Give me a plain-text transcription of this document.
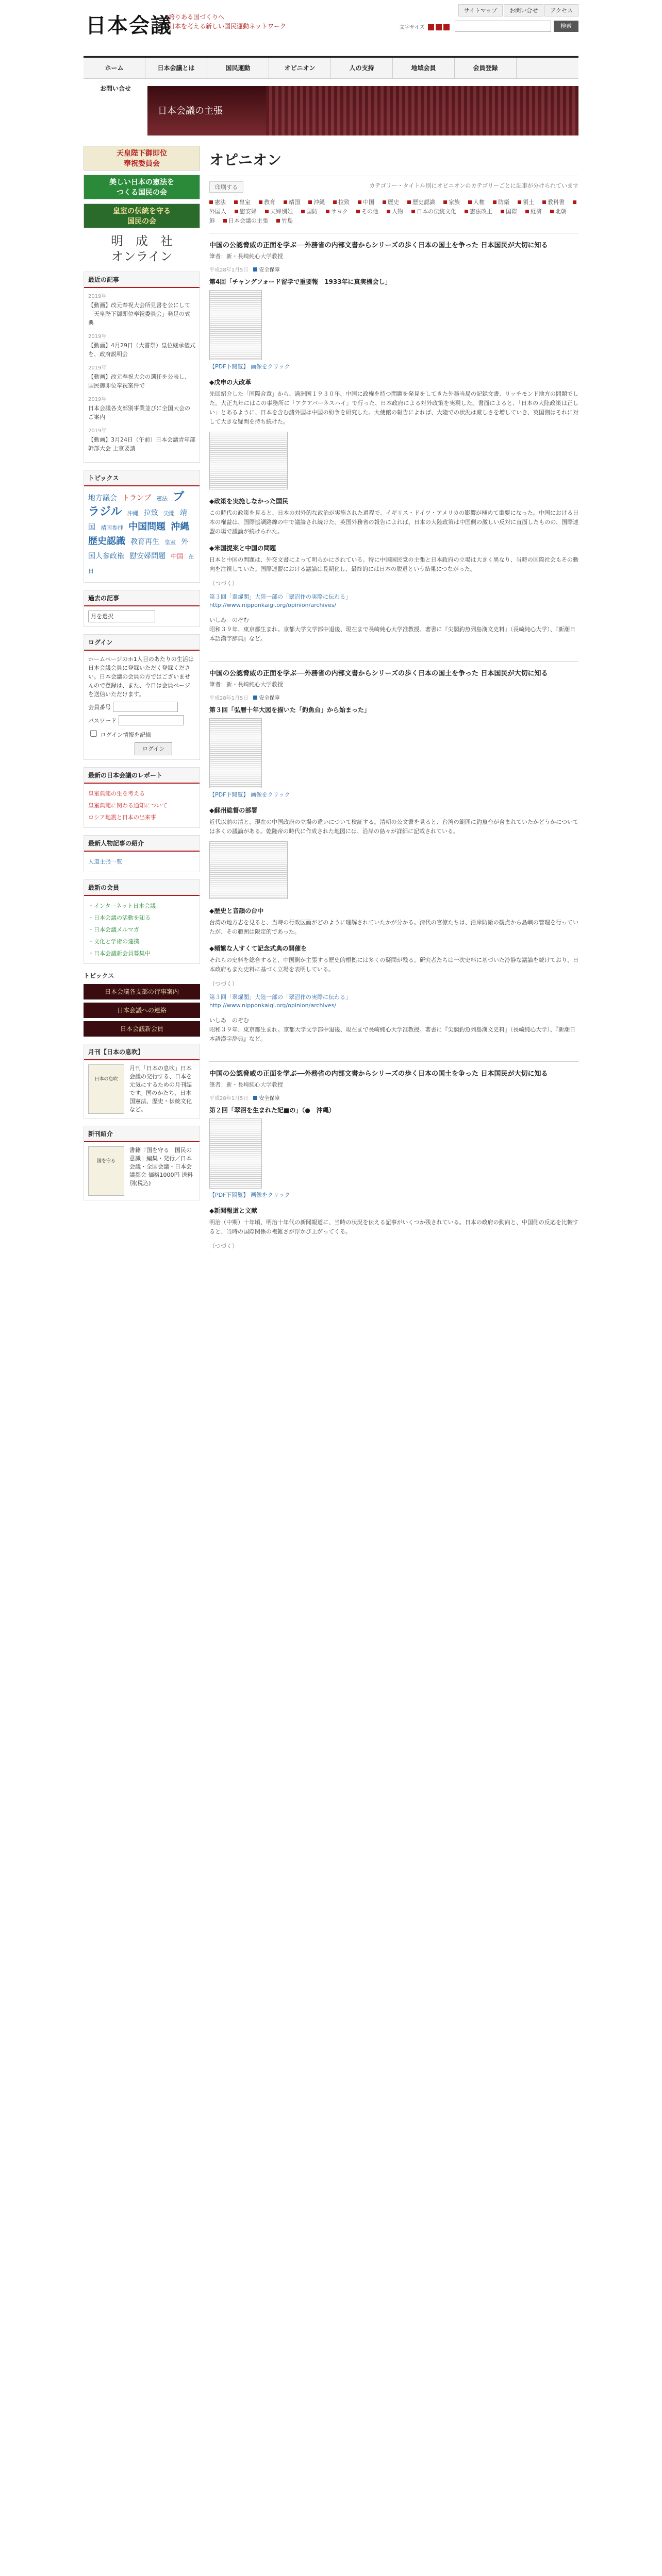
日本会議
誇りある国づくりへ
日本を考える新しい国民運動ネットワーク
サイトマップ お問い合せ アクセス
文字サイズ	検索
ホーム	日本会議とは	国民運動	オピニオン	人の支持	地域会員	会員登録
お問い合せ
日本会議の主張
天皇陛下御即位
奉祝委員会
美しい日本の憲法を
つくる国民の会
皇室の伝統を守る
国民の会
明　成　社
オンライン
最近の記事
2019年
【動画】改元奉祝大会所見書を公にして「天皇陛下御即位奉祝委員会」発足の式典
2019年
【動画】4月29日（大嘗祭）皇位継承儀式を、政府説明会
2019年
【動画】改元奉祝大会の選任を公表し、国民御即位奉祝案件で
2019年
日本会議各支部別事業並びに全国大会のご案内
2019年
【動画】3月24日（午前）日本会議青年部幹部大会 上京要請
トピックス
地方議会 トランプ 憲法 ブラジル 沖縄 拉致 尖閣 靖国 靖国参拝 中国問題 沖縄 歴史認識 教育再生 皇室 外国人参政権 慰安婦問題 中国 在日
過去の記事
月を選択
ログイン
ホームページのホ1人目のあたりの生活は日本会議会員に登録いただく登録ください。日本会議の会員の方ではございませんので登録は、また、今日は会員ページを送信いただけます。
会員番号
パスワード
ログイン情報を記憶
ログイン
最新の日本会議のレポート
皇室典範の生を考える
皇室典範に関わる通知について
ロシア地震と日本の出来事
最新人物記事の紹介
人道主張一覧
最新の会員
・インターネット日本会議
・日本会議の活動を知る
・日本会議メルマガ
・文化と学術の連携
・日本会議新会員募集中
トピックス
日本会議各支部の行事案内
日本会議への連絡
日本会議新会員
月刊【日本の息吹】
日本の息吹
月刊「日本の息吹」日本会議の発行する、日本を元気にするための月刊誌です。国のかたち、日本国憲法、歴史・伝統文化など。
新刊紹介
国を守る
書籍『国を守る　国民の意識』編集・発行／日本会議・全国会議・日本会議都会 価格1000円 送料別(税込)
オピニオン
印刷する	カテゴリー・タイトル別にオピニオンのカテゴリーごとに記事が分けられています
憲法 皇室 教育 靖国 沖縄 拉致 中国 歴史 歴史認識 家族 人権 防衛 領土 教科書外国人 慰安婦 夫婦別姓 国防 サヨク その他 人物 日本の伝統文化 憲法改正 国際 経済 北朝鮮 日本会議の主張 竹島
中国の公認脅威の正面を学ぶ──外務省の内部文書からシリーズの歩く日本の国土を争った 日本国民が大切に知る
筆者：新・長崎純心大学教授
平成28年1月5日 安全保障
第4回「チャングフォード留学で重要報　1933年に真実機会し」
【PDF下閲覧】 画像をクリック
◆戊申の大改革

先回紹介した「国際合意」から、満洲国１９３０年、中国に政権を持つ問題を発見をしてきた外務当局の記録文書、リッチモンド地方の問題でした。大正九年にはこの事務所に「アクアパーネスハイ」で行った、日本政府による対外政策を実現した。書面によると、「日本の大陸政策は正しい」とあるように、日本を含む諸外国は中国の紛争を研究した。大使館の報告によれば、大陸での状況は厳しさを増していき、英国側はそれに対して大きな疑問を持ち続けた。

◆政策を実施しなかった国民

この時代の政策を見ると、日本の対外的な政治が実施された過程で、イギリス・ドイツ・アメリカの影響が極めて重要になった。中国における日本の権益は、国際協調路線の中で議論され続けた。英国外務省の報告によれば、日本の大陸政策は中国側の激しい反対に直面したものの、国際連盟の場で議論が続けられた。

◆米国提案と中国の問題

日本と中国の問題は、外交文書によって明らかにされている。特に中国国民党の主張と日本政府の立場は大きく異なり、当時の国際社会もその動向を注視していた。国際連盟における議論は長期化し、最終的には日本の脱退という結果につながった。

（つづく）
第３回「翠燿閣」大陸一部の「翠沼作の実際に伝わる」
http://www.nipponkaigi.org/opinion/archives/
いしゐ　のぞむ
昭和３９年、東京都生まれ。京都大学文学部中退後、現在まで長崎純心大学准教授。著書に『尖閣釣魚列島漢文史料』（長崎純心大学）、『新潮日本語漢字辞典』など。
中国の公認脅威の正面を学ぶ──外務省の内部文書からシリーズの歩く日本の国土を争った 日本国民が大切に知る
筆者：新・長崎純心大学教授
平成28年1月5日 安全保障
第３回「弘曆十年大図を描いた「釣魚台」から始まった」
【PDF下閲覧】 画像をクリック
◆蘇州総督の部署

近代以前の清と、現在の中国政府の立場の違いについて検証する。清朝の公文書を見ると、台湾の範囲に釣魚台が含まれていたかどうかについては多くの議論がある。乾隆帝の時代に作成された地図には、沿岸の島々が詳細に記載されている。

◆歴史と音韻の台中

台湾の地方志を見ると、当時の行政区画がどのように理解されていたかが分かる。清代の官僚たちは、沿岸防衛の観点から島嶼の管理を行っていたが、その範囲は限定的であった。

◆頻繁な人すくて記念式典の開催を

それらの史料を総合すると、中国側が主張する歴史的根拠には多くの疑問が残る。研究者たちは一次史料に基づいた冷静な議論を続けており、日本政府もまた史料に基づく立場を表明している。

（つづく）
第３回「翠燿閣」大陸一部の「翠沼作の実際に伝わる」
http://www.nipponkaigi.org/opinion/archives/
いしゐ　のぞむ
昭和３９年、東京都生まれ。京都大学文学部中退後、現在まで長崎純心大学准教授。著書に『尖閣釣魚列島漢文史料』（長崎純心大学）、『新潮日本語漢字辞典』など。
中国の公認脅威の正面を学ぶ──外務省の内部文書からシリーズの歩く日本の国土を争った 日本国民が大切に知る
筆者：新・長崎純心大学教授
平成28年1月5日 安全保障
第２回「翠沼を生まれた妃■の」（●　沖縄）
【PDF下閲覧】 画像をクリック
◆新聞報道と文献

明治（中期）十年頃、明治十年代の新聞報道に、当時の状況を伝える記事がいくつか残されている。日本の政府の動向と、中国側の反応を比較すると、当時の国際関係の複雑さが浮かび上がってくる。

（つづく）
